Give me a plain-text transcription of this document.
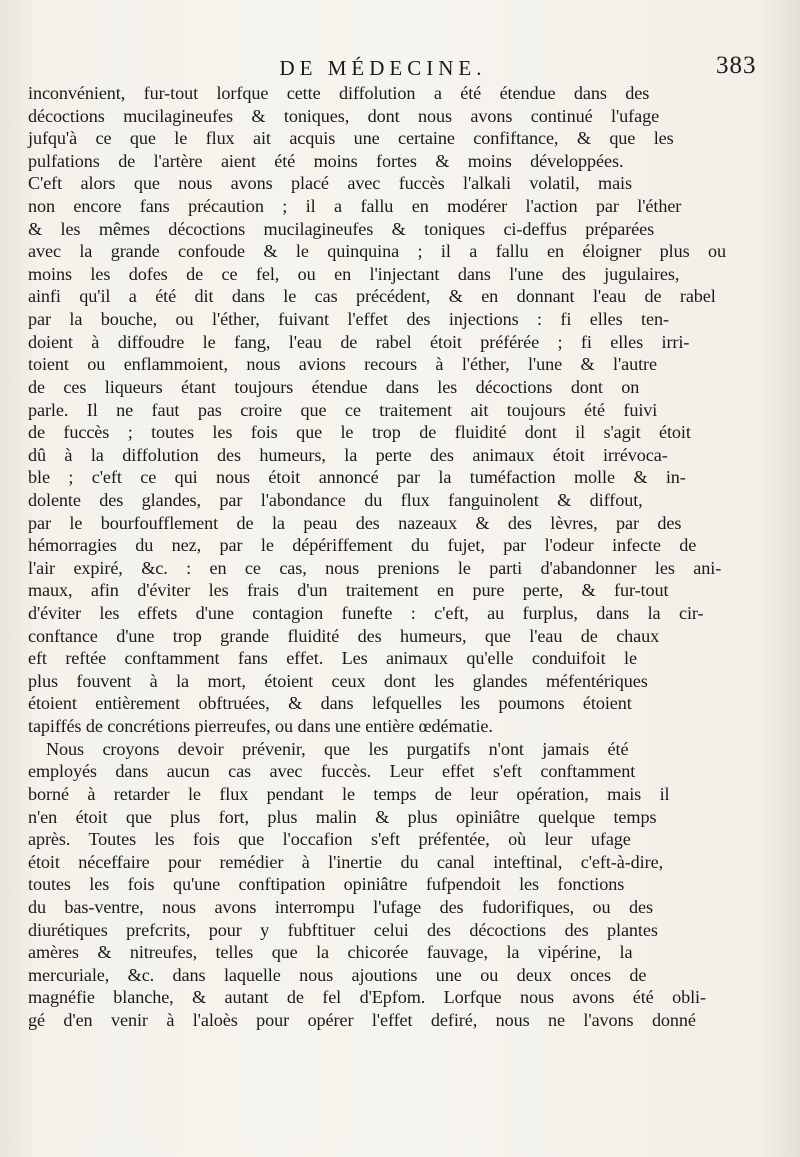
DE MÉDECINE.	383
inconvénient, fur-tout lorfque cette diffolution a été étendue dans des
décoctions mucilagineufes & toniques, dont nous avons continué l'ufage
jufqu'à ce que le flux ait acquis une certaine confiftance, & que les
pulfations de l'artère aient été moins fortes & moins développées.
C'eft alors que nous avons placé avec fuccès l'alkali volatil, mais
non encore fans précaution ; il a fallu en modérer l'action par l'éther
& les mêmes décoctions mucilagineufes & toniques ci-deffus préparées
avec la grande confoude & le quinquina ; il a fallu en éloigner plus ou
moins les dofes de ce fel, ou en l'injectant dans l'une des jugulaires,
ainfi qu'il a été dit dans le cas précédent, & en donnant l'eau de rabel
par la bouche, ou l'éther, fuivant l'effet des injections : fi elles ten-
doient à diffoudre le fang, l'eau de rabel étoit préférée ; fi elles irri-
toient ou enflammoient, nous avions recours à l'éther, l'une & l'autre
de ces liqueurs étant toujours étendue dans les décoctions dont on
parle. Il ne faut pas croire que ce traitement ait toujours été fuivi
de fuccès ; toutes les fois que le trop de fluidité dont il s'agit étoit
dû à la diffolution des humeurs, la perte des animaux étoit irrévoca-
ble ; c'eft ce qui nous étoit annoncé par la tuméfaction molle & in-
dolente des glandes, par l'abondance du flux fanguinolent & diffout,
par le bourfoufflement de la peau des nazeaux & des lèvres, par des
hémorragies du nez, par le dépériffement du fujet, par l'odeur infecte de
l'air expiré, &c. : en ce cas, nous prenions le parti d'abandonner les ani-
maux, afin d'éviter les frais d'un traitement en pure perte, & fur-tout
d'éviter les effets d'une contagion funefte : c'eft, au furplus, dans la cir-
conftance d'une trop grande fluidité des humeurs, que l'eau de chaux
eft reftée conftamment fans effet. Les animaux qu'elle conduifoit le
plus fouvent à la mort, étoient ceux dont les glandes méfentériques
étoient entièrement obftruées, & dans lefquelles les poumons étoient
tapiffés de concrétions pierreufes, ou dans une entière œdématie.
Nous croyons devoir prévenir, que les purgatifs n'ont jamais été
employés dans aucun cas avec fuccès. Leur effet s'eft conftamment
borné à retarder le flux pendant le temps de leur opération, mais il
n'en étoit que plus fort, plus malin & plus opiniâtre quelque temps
après. Toutes les fois que l'occafion s'eft préfentée, où leur ufage
étoit néceffaire pour remédier à l'inertie du canal inteftinal, c'eft-à-dire,
toutes les fois qu'une conftipation opiniâtre fufpendoit les fonctions
du bas-ventre, nous avons interrompu l'ufage des fudorifiques, ou des
diurétiques prefcrits, pour y fubftituer celui des décoctions des plantes
amères & nitreufes, telles que la chicorée fauvage, la vipérine, la
mercuriale, &c. dans laquelle nous ajoutions une ou deux onces de
magnéfie blanche, & autant de fel d'Epfom. Lorfque nous avons été obli-
gé d'en venir à l'aloès pour opérer l'effet defiré, nous ne l'avons donné
